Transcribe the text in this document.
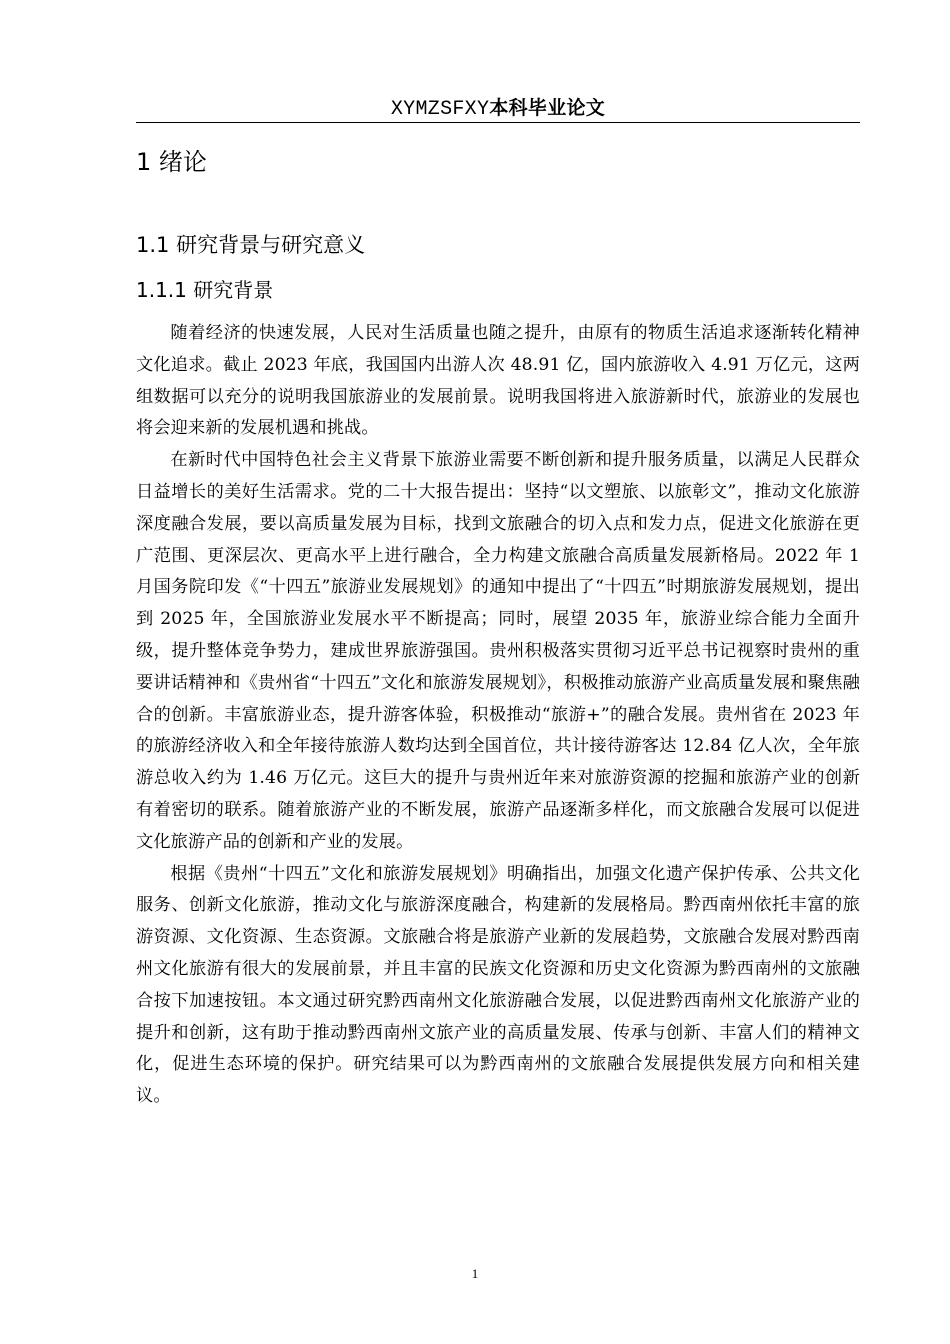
XYMZSFXY本科毕业论文
1 绪论
1.1 研究背景与研究意义
1.1.1 研究背景

随着经济的快速发展，人民对生活质量也随之提升，由原有的物质生活追求逐渐转化精神文化追求。截止 2023 年底，我国国内出游人次 48.91 亿，国内旅游收入 4.91 万亿元，这两组数据可以充分的说明我国旅游业的发展前景。说明我国将进入旅游新时代，旅游业的发展也将会迎来新的发展机遇和挑战。

在新时代中国特色社会主义背景下旅游业需要不断创新和提升服务质量，以满足人民群众日益增长的美好生活需求。党的二十大报告提出：坚持“以文塑旅、以旅彰文”，推动文化旅游深度融合发展，要以高质量发展为目标，找到文旅融合的切入点和发力点，促进文化旅游在更广范围、更深层次、更高水平上进行融合，全力构建文旅融合高质量发展新格局。2022 年 1 月国务院印发《“十四五”旅游业发展规划》的通知中提出了“十四五”时期旅游发展规划，提出到 2025 年，全国旅游业发展水平不断提高；同时，展望 2035 年，旅游业综合能力全面升级，提升整体竞争势力，建成世界旅游强国。贵州积极落实贯彻习近平总书记视察时贵州的重要讲话精神和《贵州省“十四五”文化和旅游发展规划》，积极推动旅游产业高质量发展和聚焦融合的创新。丰富旅游业态，提升游客体验，积极推动“旅游+”的融合发展。贵州省在 2023 年的旅游经济收入和全年接待旅游人数均达到全国首位，共计接待游客达 12.84 亿人次，全年旅游总收入约为 1.46 万亿元。这巨大的提升与贵州近年来对旅游资源的挖掘和旅游产业的创新有着密切的联系。随着旅游产业的不断发展，旅游产品逐渐多样化，而文旅融合发展可以促进文化旅游产品的创新和产业的发展。

根据《贵州“十四五”文化和旅游发展规划》明确指出，加强文化遗产保护传承、公共文化服务、创新文化旅游，推动文化与旅游深度融合，构建新的发展格局。黔西南州依托丰富的旅游资源、文化资源、生态资源。文旅融合将是旅游产业新的发展趋势，文旅融合发展对黔西南州文化旅游有很大的发展前景，并且丰富的民族文化资源和历史文化资源为黔西南州的文旅融合按下加速按钮。本文通过研究黔西南州文化旅游融合发展，以促进黔西南州文化旅游产业的提升和创新，这有助于推动黔西南州文旅产业的高质量发展、传承与创新、丰富人们的精神文化，促进生态环境的保护。研究结果可以为黔西南州的文旅融合发展提供发展方向和相关建议。

1
